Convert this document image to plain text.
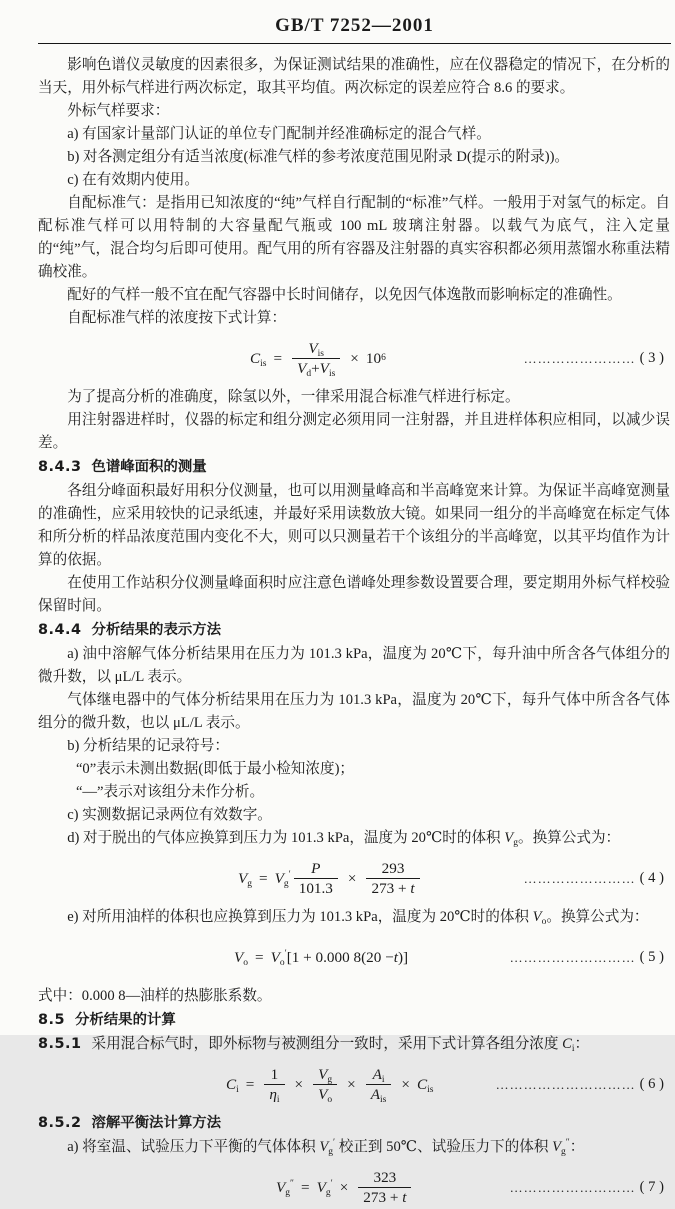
GB/T 7252—2001

影响色谱仪灵敏度的因素很多，为保证测试结果的准确性，应在仪器稳定的情况下，在分析的当天，用外标气样进行两次标定，取其平均值。两次标定的误差应符合 8.6 的要求。

外标气样要求：

a) 有国家计量部门认证的单位专门配制并经准确标定的混合气样。

b) 对各测定组分有适当浓度(标准气样的参考浓度范围见附录 D(提示的附录))。

c) 在有效期内使用。

自配标准气：是指用已知浓度的“纯”气样自行配制的“标准”气样。一般用于对氢气的标定。自配标准气样可以用特制的大容量配气瓶或 100 mL 玻璃注射器。以载气为底气，注入定量的“纯”气，混合均匀后即可使用。配气用的所有容器及注射器的真实容积都必须用蒸馏水称重法精确校准。

配好的气样一般不宜在配气容器中长时间储存，以免因气体逸散而影响标定的准确性。

自配标准气样的浓度按下式计算：

$C_{is} = \frac{V_{is}}{V_d+V_{is}} \times 10$ 6	…………………… ( 3 )

为了提高分析的准确度，除氢以外，一律采用混合标准气样进行标定。

用注射器进样时，仪器的标定和组分测定必须用同一注射器，并且进样体积应相同，以减少误差。

8.4.3 色谱峰面积的测量

各组分峰面积最好用积分仪测量，也可以用测量峰高和半高峰宽来计算。为保证半高峰宽测量的准确性，应采用较快的记录纸速，并最好采用读数放大镜。如果同一组分的半高峰宽在标定气体和所分析的样品浓度范围内变化不大，则可以只测量若干个该组分的半高峰宽，以其平均值作为计算的依据。

在使用工作站积分仪测量峰面积时应注意色谱峰处理参数设置要合理，要定期用外标气样校验保留时间。

8.4.4 分析结果的表示方法

a) 油中溶解气体分析结果用在压力为 101.3 kPa，温度为 20℃下，每升油中所含各气体组分的微升数，以 μL/L 表示。

气体继电器中的气体分析结果用在压力为 101.3 kPa，温度为 20℃下，每升气体中所含各气体组分的微升数，也以 μL/L 表示。

b) 分析结果的记录符号：

“0”表示未测出数据(即低于最小检知浓度)；

“—”表示对该组分未作分析。

c) 实测数据记录两位有效数字。

d) 对于脱出的气体应换算到压力为 101.3 kPa，温度为 20℃时的体积 $V_g$。换算公式为：

$V_g = V_g' \frac{P}{101.3} \times \frac{293}{273 + t}$	…………………… ( 4 )

e) 对所用油样的体积也应换算到压力为 101.3 kPa，温度为 20℃时的体积 $V_o$。换算公式为：

$V_o = V_o'$ [1 + 0.000 8(20 − t )]	……………………… ( 5 )

式中：0.000 8—油样的热膨胀系数。

8.5 分析结果的计算
8.5.1 采用混合标气时，即外标物与被测组分一致时，采用下式计算各组分浓度 $C_i$：
$C_i = \frac{1}{\eta_i} \times \frac{V_g}{V_o} \times \frac{A_i}{A_{is}} \times C_{is}$	………………………… ( 6 )
8.5.2 溶解平衡法计算方法

a) 将室温、试验压力下平衡的气体体积 $V_g'$ 校正到 50℃、试验压力下的体积 $V_g''$：

$V_g'' = V_g' \times \frac{323}{273 + t}$	……………………… ( 7 )
